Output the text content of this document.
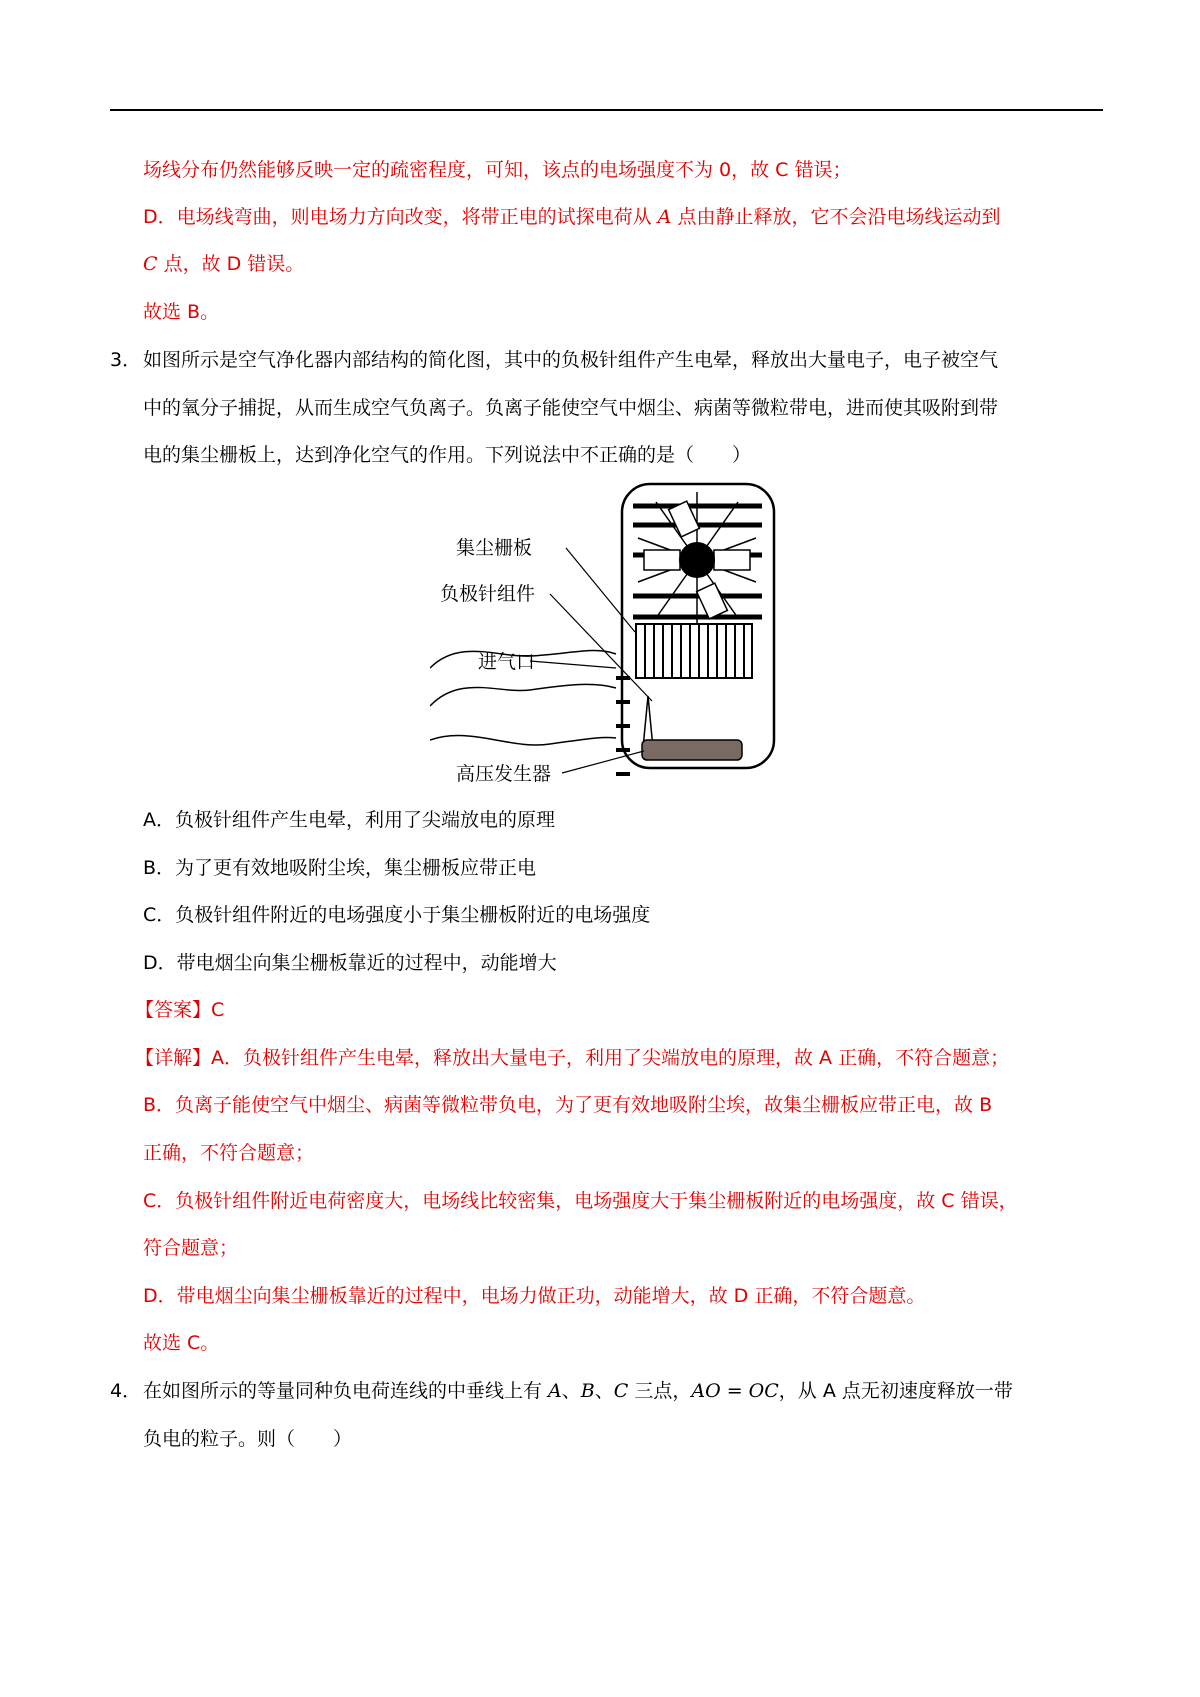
场线分布仍然能够反映一定的疏密程度，可知，该点的电场强度不为 0，故 C 错误；
D．电场线弯曲，则电场力方向改变，将带正电的试探电荷从 A 点由静止释放，它不会沿电场线运动到
C 点，故 D 错误。
故选 B。
3． 如图所示是空气净化器内部结构的简化图，其中的负极针组件产生电晕，释放出大量电子，电子被空气
中的氧分子捕捉，从而生成空气负离子。负离子能使空气中烟尘、病菌等微粒带电，进而使其吸附到带
电的集尘栅板上，达到净化空气的作用。下列说法中不正确的是（　　）
集尘栅板
负极针组件
进气口
高压发生器
A．负极针组件产生电晕，利用了尖端放电的原理
B．为了更有效地吸附尘埃，集尘栅板应带正电
C．负极针组件附近的电场强度小于集尘栅板附近的电场强度
D．带电烟尘向集尘栅板靠近的过程中，动能增大
【答案】C
【详解】A．负极针组件产生电晕，释放出大量电子，利用了尖端放电的原理，故 A 正确，不符合题意；
B．负离子能使空气中烟尘、病菌等微粒带负电，为了更有效地吸附尘埃，故集尘栅板应带正电，故 B
正确，不符合题意；
C．负极针组件附近电荷密度大，电场线比较密集，电场强度大于集尘栅板附近的电场强度，故 C 错误，
符合题意；
D．带电烟尘向集尘栅板靠近的过程中，电场力做正功，动能增大，故 D 正确，不符合题意。
故选 C。
4． 在如图所示的等量同种负电荷连线的中垂线上有 A、B、C 三点，AO = OC，从 A 点无初速度释放一带
负电的粒子。则（　　）
